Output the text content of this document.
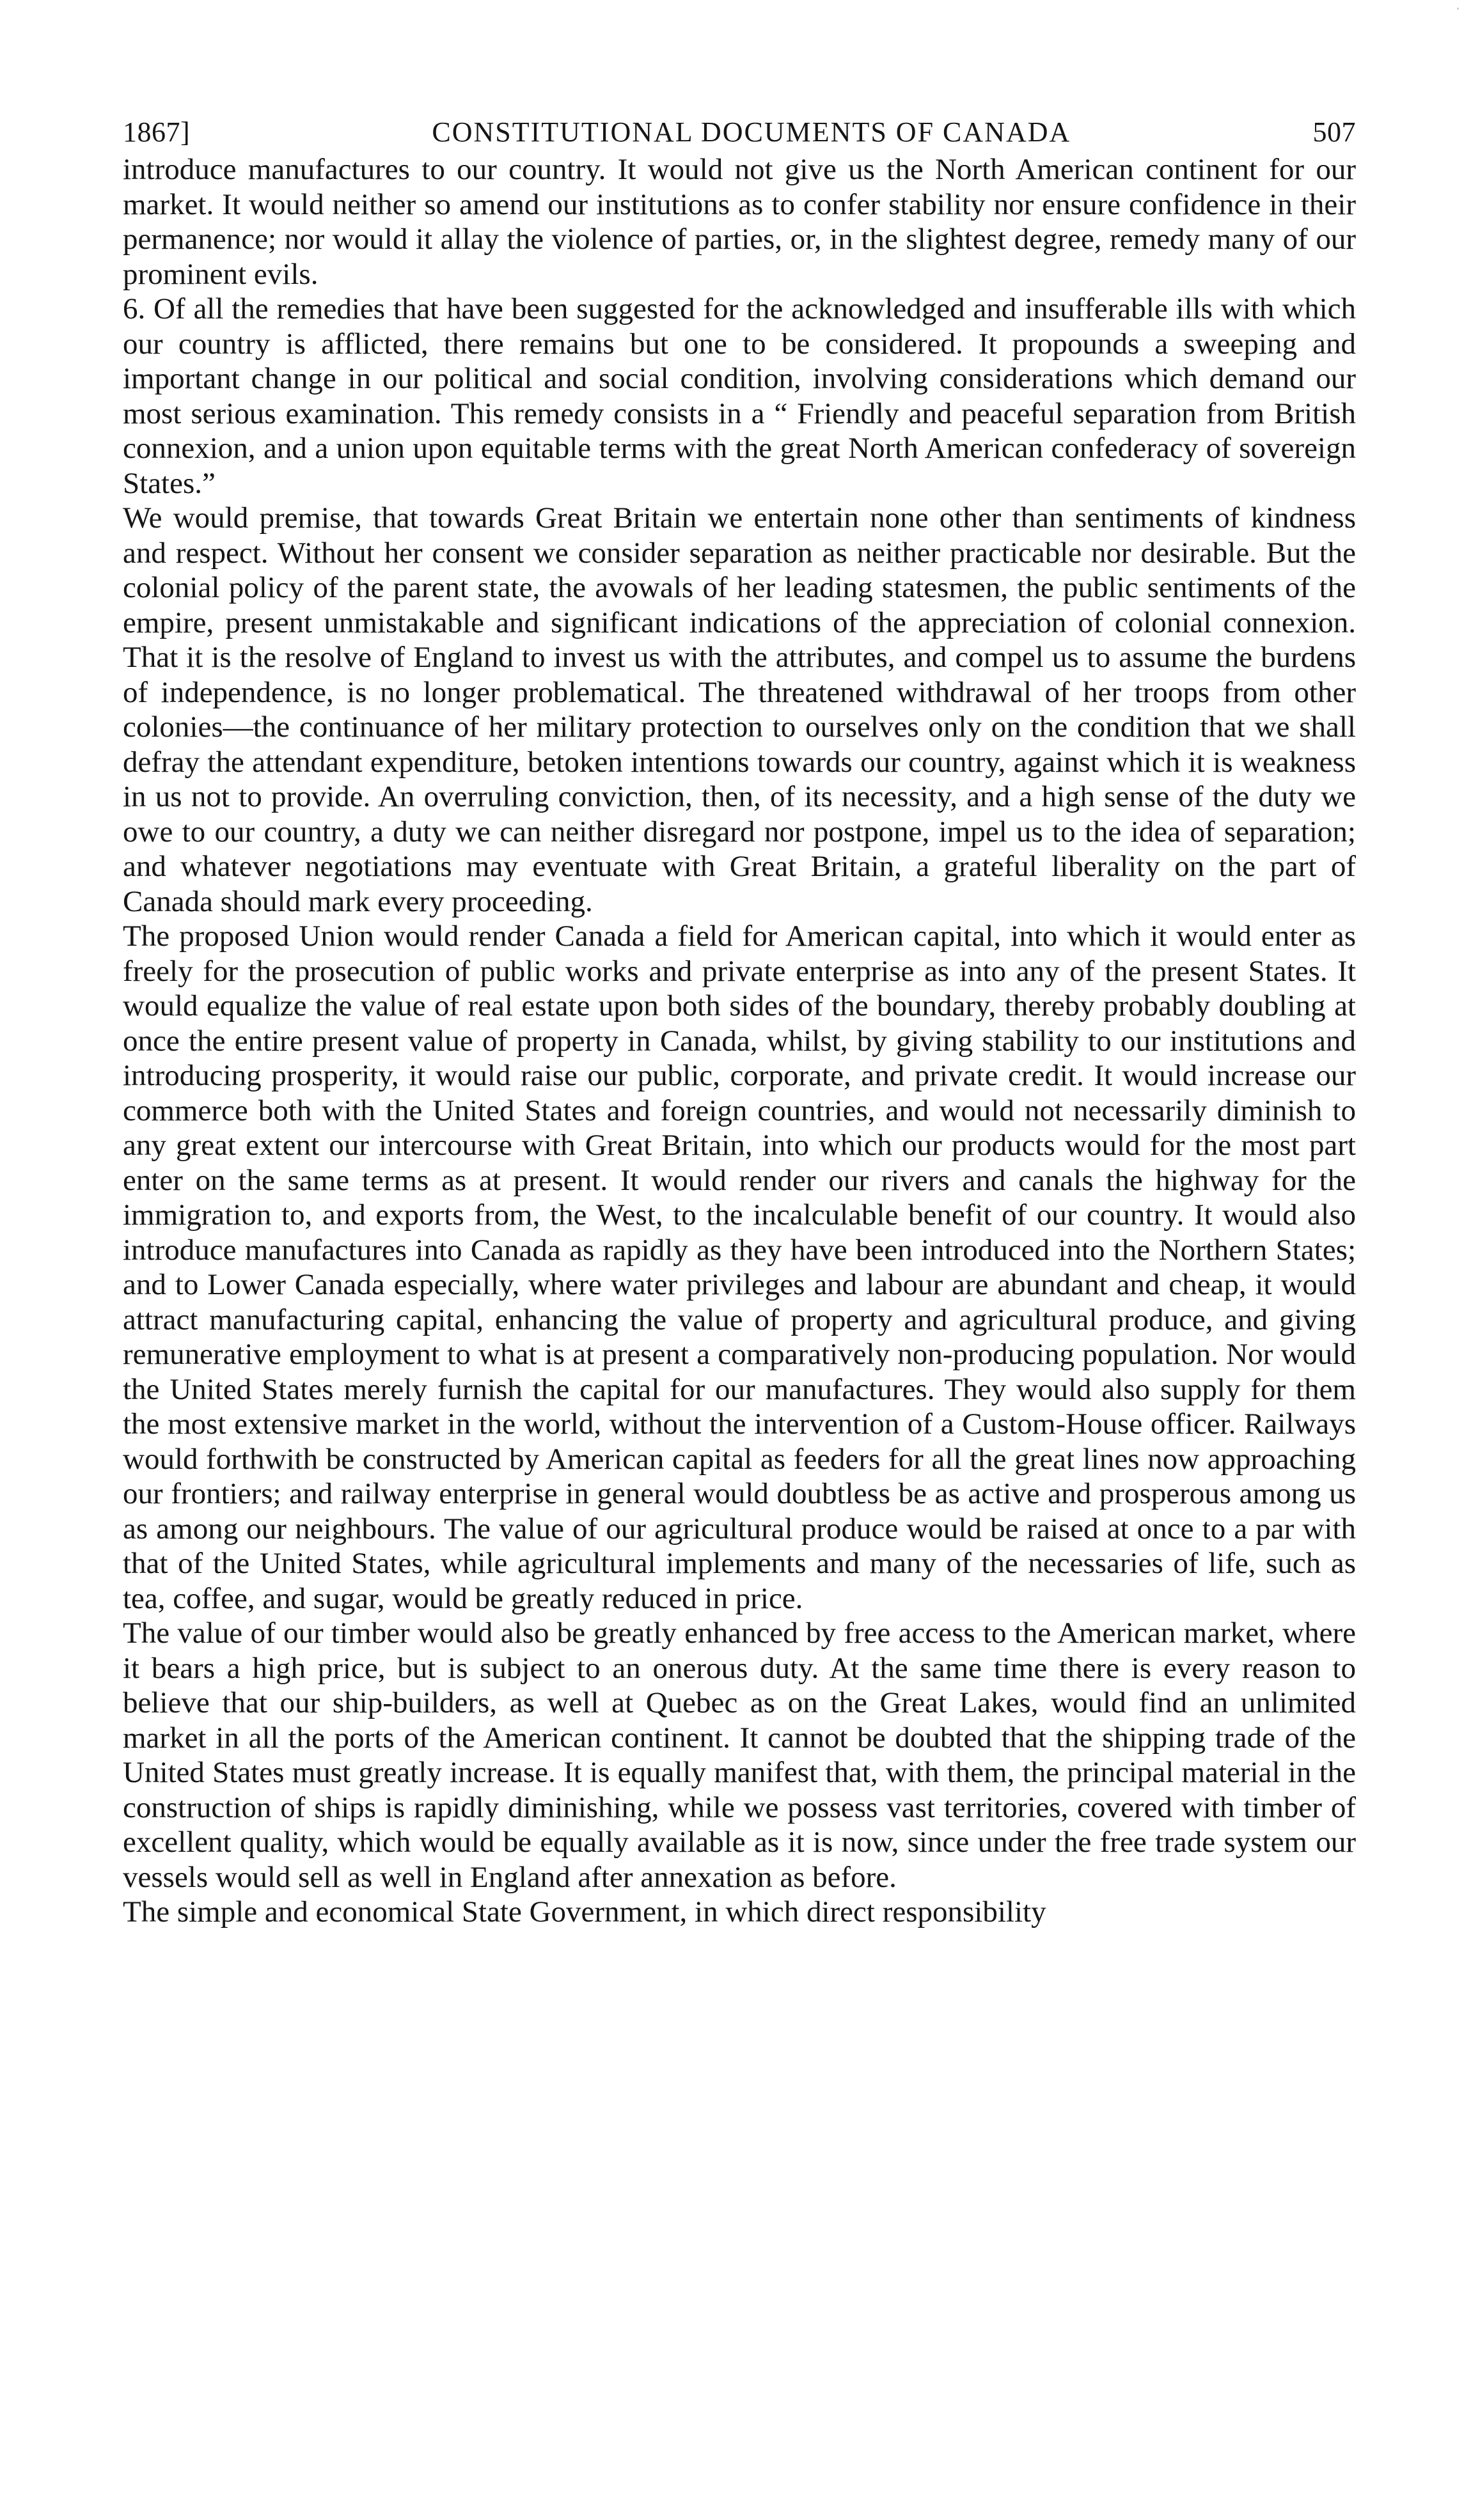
1867]	CONSTITUTIONAL DOCUMENTS OF CANADA	507

introduce manufactures to our country. It would not give us the North American continent for our market. It would neither so amend our institutions as to confer stability nor ensure confidence in their permanence; nor would it allay the violence of parties, or, in the slightest degree, remedy many of our prominent evils.

6. Of all the remedies that have been suggested for the acknowledged and insufferable ills with which our country is afflicted, there remains but one to be considered. It propounds a sweeping and important change in our political and social condition, involving considerations which demand our most serious examination. This remedy consists in a “ Friendly and peaceful separation from British connexion, and a union upon equitable terms with the great North American confederacy of sovereign States.”

We would premise, that towards Great Britain we entertain none other than sentiments of kindness and respect. Without her consent we consider separation as neither practicable nor desirable. But the colonial policy of the parent state, the avowals of her leading statesmen, the public sentiments of the empire, present unmistakable and significant indications of the appreciation of colonial connexion. That it is the resolve of England to invest us with the attributes, and compel us to assume the burdens of independence, is no longer problematical. The threatened withdrawal of her troops from other colonies—the continuance of her military protection to ourselves only on the condition that we shall defray the attendant expenditure, betoken intentions towards our country, against which it is weakness in us not to provide. An overruling conviction, then, of its necessity, and a high sense of the duty we owe to our country, a duty we can neither disregard nor postpone, impel us to the idea of separation; and whatever negotiations may eventuate with Great Britain, a grateful liberality on the part of Canada should mark every proceeding.

The proposed Union would render Canada a field for American capital, into which it would enter as freely for the prosecution of public works and private enterprise as into any of the present States. It would equalize the value of real estate upon both sides of the boundary, thereby probably doubling at once the entire present value of property in Canada, whilst, by giving stability to our institutions and introducing prosperity, it would raise our public, corporate, and private credit. It would increase our commerce both with the United States and foreign countries, and would not necessarily diminish to any great extent our intercourse with Great Britain, into which our products would for the most part enter on the same terms as at present. It would render our rivers and canals the highway for the immigration to, and exports from, the West, to the incalculable benefit of our country. It would also introduce manufactures into Canada as rapidly as they have been introduced into the Northern States; and to Lower Canada especially, where water privileges and labour are abundant and cheap, it would attract manufacturing capital, enhancing the value of property and agricultural produce, and giving remunerative employment to what is at present a comparatively non-producing population. Nor would the United States merely furnish the capital for our manufactures. They would also supply for them the most extensive market in the world, without the intervention of a Custom-House officer. Railways would forthwith be constructed by American capital as feeders for all the great lines now approaching our frontiers; and railway enterprise in general would doubtless be as active and prosperous among us as among our neighbours. The value of our agricultural produce would be raised at once to a par with that of the United States, while agricultural implements and many of the necessaries of life, such as tea, coffee, and sugar, would be greatly reduced in price.

The value of our timber would also be greatly enhanced by free access to the American market, where it bears a high price, but is subject to an onerous duty. At the same time there is every reason to believe that our ship-builders, as well at Quebec as on the Great Lakes, would find an unlimited market in all the ports of the American continent. It cannot be doubted that the shipping trade of the United States must greatly increase. It is equally manifest that, with them, the principal material in the construction of ships is rapidly diminishing, while we possess vast territories, covered with timber of excellent quality, which would be equally available as it is now, since under the free trade system our vessels would sell as well in England after annexation as before.

The simple and economical State Government, in which direct responsibility
